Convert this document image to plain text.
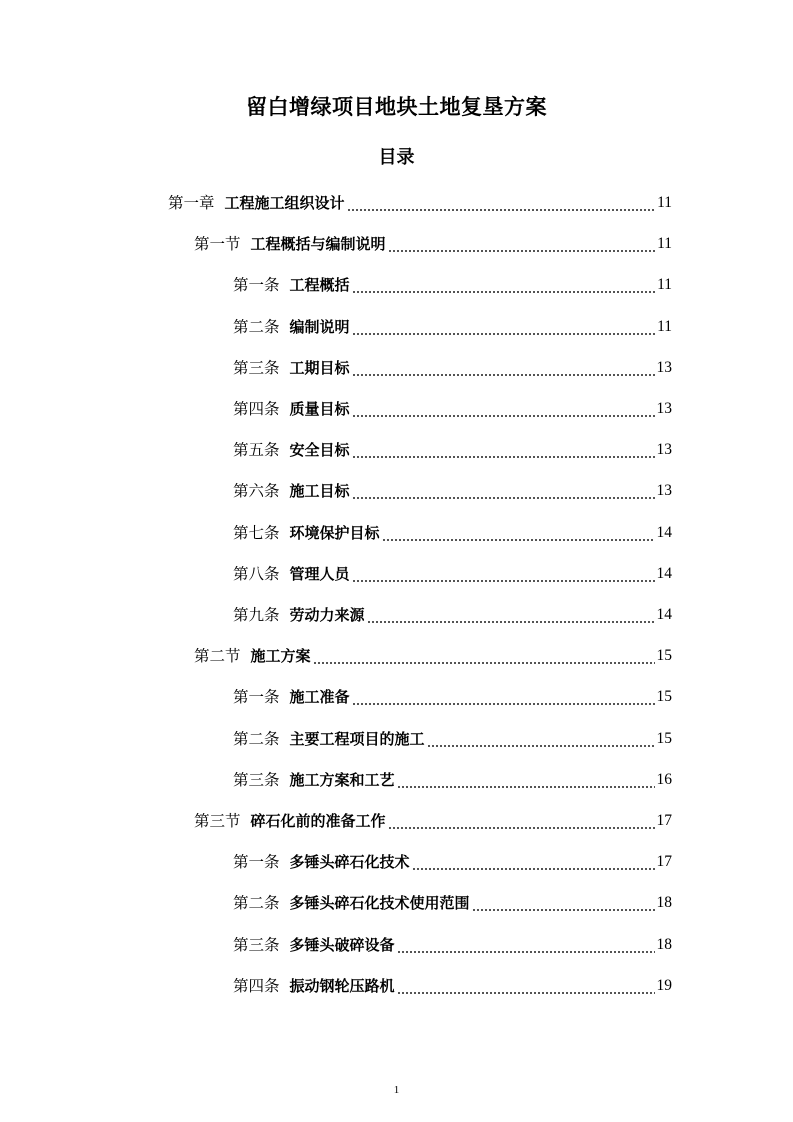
留白增绿项目地块土地复垦方案
目录
第一章 工程施工组织设计	11
第一节 工程概括与编制说明	11
第一条 工程概括	11
第二条 编制说明	11
第三条 工期目标	13
第四条 质量目标	13
第五条 安全目标	13
第六条 施工目标	13
第七条 环境保护目标	14
第八条 管理人员	14
第九条 劳动力来源	14
第二节 施工方案	15
第一条 施工准备	15
第二条 主要工程项目的施工	15
第三条 施工方案和工艺	16
第三节 碎石化前的准备工作	17
第一条 多锤头碎石化技术	17
第二条 多锤头碎石化技术使用范围	18
第三条 多锤头破碎设备	18
第四条 振动钢轮压路机	19
1
